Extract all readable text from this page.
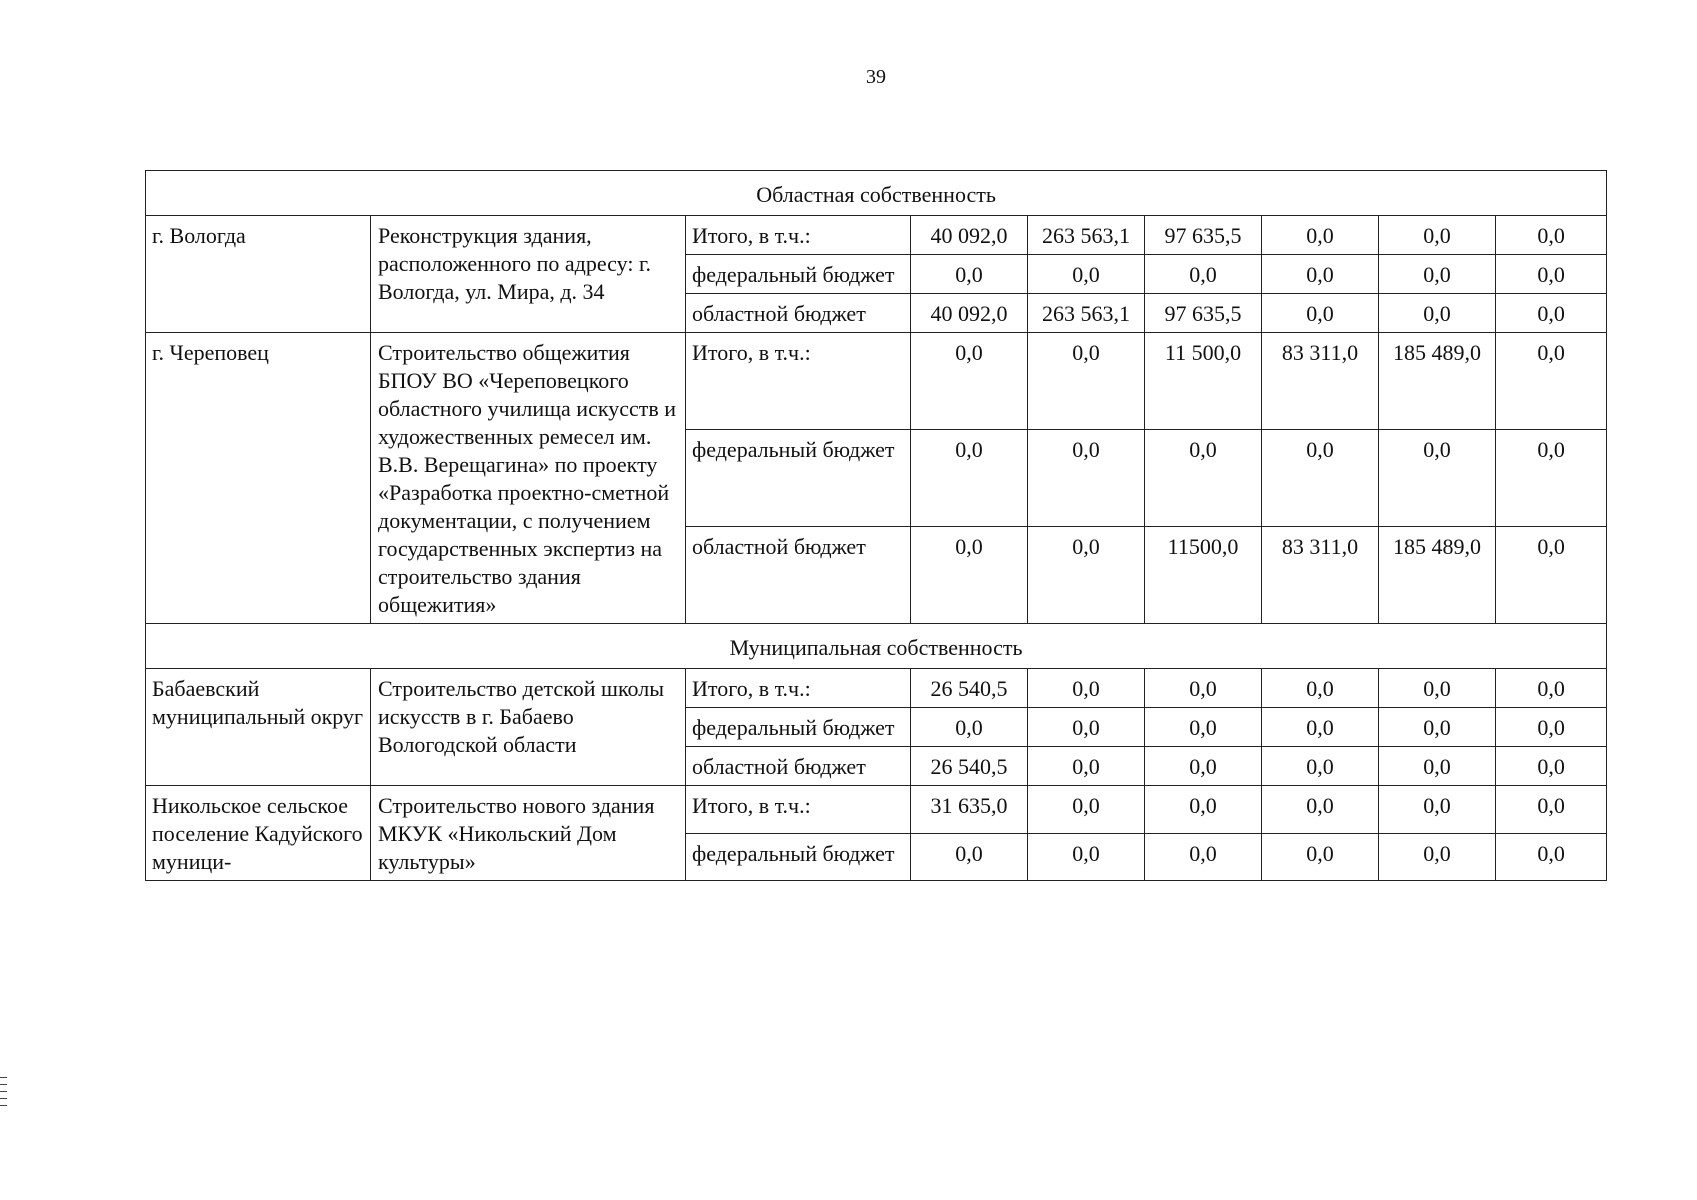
39
Областная собственность								
г. Вологда	Реконструкция здания, расположенного по адресу: г. Вологда, ул. Мира, д. 34	Итого, в т.ч.:	40 092,0	263 563,1	97 635,5	0,0	0,0	0,0
		федеральный бюджет	0,0	0,0	0,0	0,0	0,0	0,0
		областной бюджет	40 092,0	263 563,1	97 635,5	0,0	0,0	0,0
г. Череповец	Строительство общежития БПОУ ВО «Череповецкого областного училища искусств и художественных ремесел им. В.В. Верещагина» по проекту «Разработка проектно-сметной документации, с получением государственных экспертиз на строительство здания общежития»	Итого, в т.ч.:	0,0	0,0	11 500,0	83 311,0	185 489,0	0,0
		федеральный бюджет	0,0	0,0	0,0	0,0	0,0	0,0
		областной бюджет	0,0	0,0	11500,0	83 311,0	185 489,0	0,0
Муниципальная собственность								
Бабаевский муниципальный округ	Строительство детской школы искусств в г. Бабаево Вологодской области	Итого, в т.ч.:	26 540,5	0,0	0,0	0,0	0,0	0,0
		федеральный бюджет	0,0	0,0	0,0	0,0	0,0	0,0
		областной бюджет	26 540,5	0,0	0,0	0,0	0,0	0,0
Никольское сельское поселение Кадуйского муници-	Строительство нового здания МКУК «Никольский Дом культуры»	Итого, в т.ч.:	31 635,0	0,0	0,0	0,0	0,0	0,0
		федеральный бюджет	0,0	0,0	0,0	0,0	0,0	0,0
